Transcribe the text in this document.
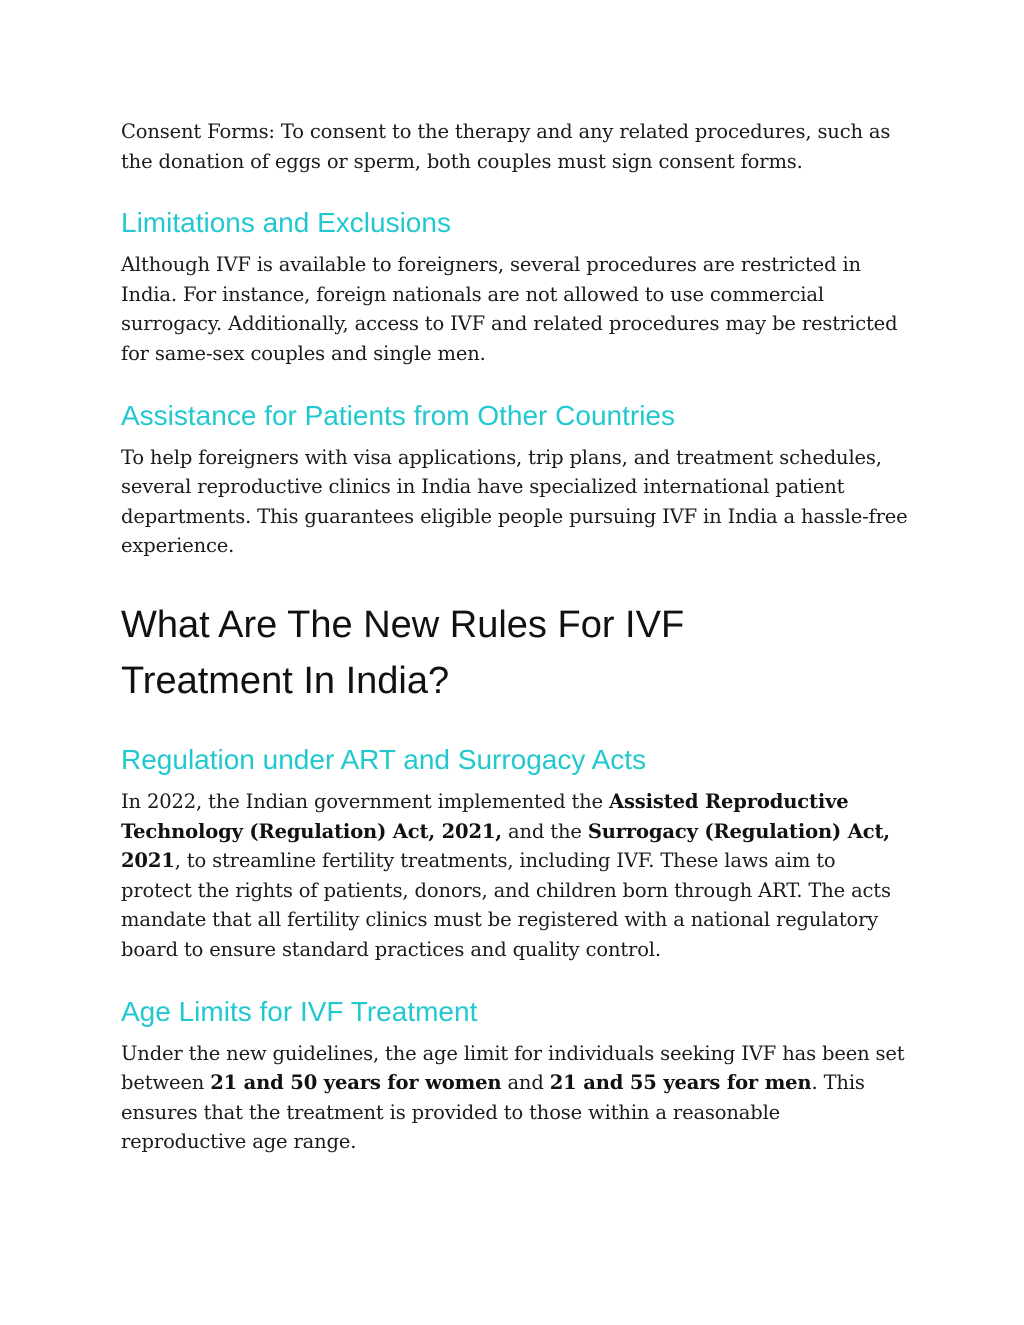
Consent Forms: To consent to the therapy and any related procedures, such as the donation of eggs or sperm, both couples must sign consent forms.

Limitations and Exclusions

Although IVF is available to foreigners, several procedures are restricted in India. For instance, foreign nationals are not allowed to use commercial surrogacy. Additionally, access to IVF and related procedures may be restricted for same-sex couples and single men.

Assistance for Patients from Other Countries

To help foreigners with visa applications, trip plans, and treatment schedules, several reproductive clinics in India have specialized international patient departments. This guarantees eligible people pursuing IVF in India a hassle-free experience.

What Are The New Rules For IVF
Treatment In India?
Regulation under ART and Surrogacy Acts

In 2022, the Indian government implemented the Assisted Reproductive Technology (Regulation) Act, 2021, and the Surrogacy (Regulation) Act, 2021, to streamline fertility treatments, including IVF. These laws aim to protect the rights of patients, donors, and children born through ART. The acts mandate that all fertility clinics must be registered with a national regulatory board to ensure standard practices and quality control.

Age Limits for IVF Treatment

Under the new guidelines, the age limit for individuals seeking IVF has been set between 21 and 50 years for women and 21 and 55 years for men. This ensures that the treatment is provided to those within a reasonable reproductive age range.
